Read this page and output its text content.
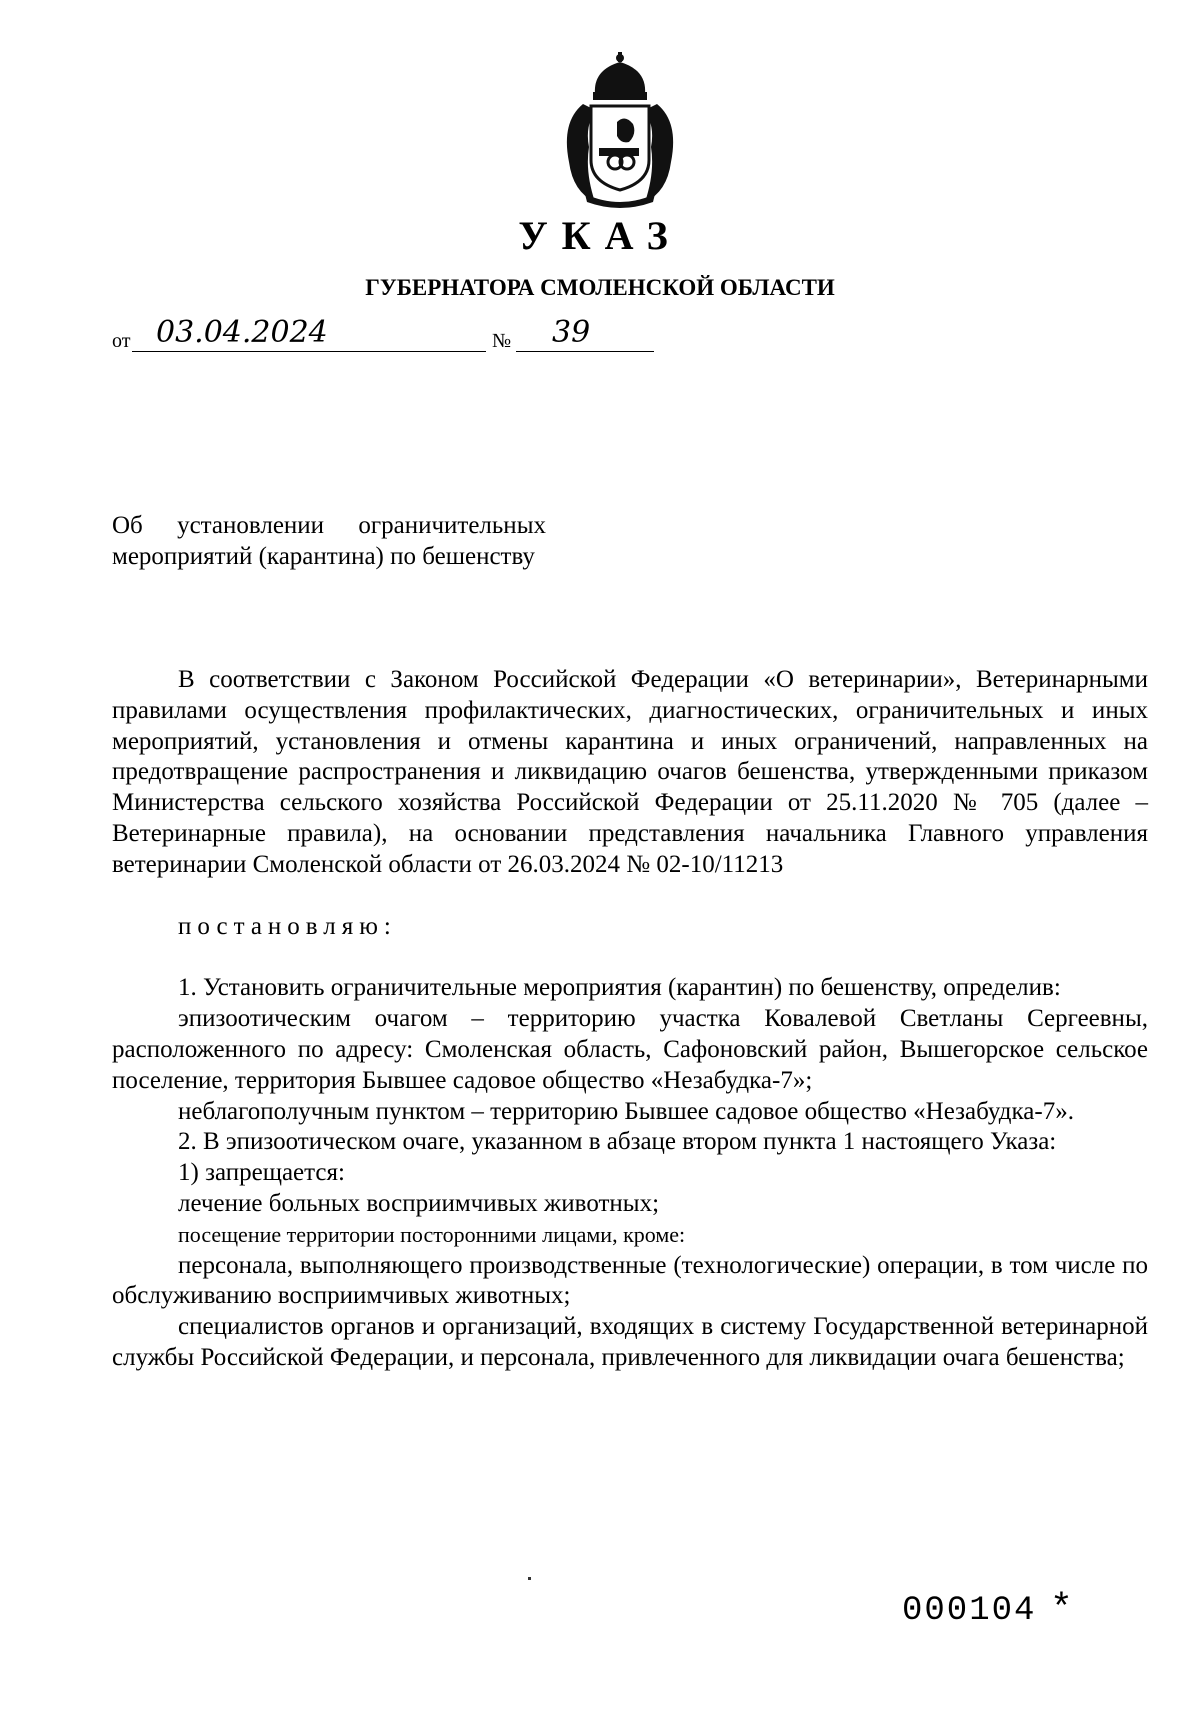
УКАЗ
ГУБЕРНАТОРА СМОЛЕНСКОЙ ОБЛАСТИ
от 03.04.2024	№	39
Об установлении ограничительных мероприятий (карантина) по бешенству

В соответствии с Законом Российской Федерации «О ветеринарии», Ветеринарными правилами осуществления профилактических, диагностических, ограничительных и иных мероприятий, установления и отмены карантина и иных ограничений, направленных на предотвращение распространения и ликвидацию очагов бешенства, утвержденными приказом Министерства сельского хозяйства Российской Федерации от 25.11.2020 № 705 (далее – Ветеринарные правила), на основании представления начальника Главного управления ветеринарии Смоленской области от 26.03.2024 № 02-10/11213

постановляю:

1. Установить ограничительные мероприятия (карантин) по бешенству, определив:

эпизоотическим очагом – территорию участка Ковалевой Светланы Сергеевны, расположенного по адресу: Смоленская область, Сафоновский район, Вышегорское сельское поселение, территория Бывшее садовое общество «Незабудка-7»;

неблагополучным пунктом – территорию Бывшее садовое общество «Незабудка-7».

2. В эпизоотическом очаге, указанном в абзаце втором пункта 1 настоящего Указа:

1) запрещается:

лечение больных восприимчивых животных;

посещение территории посторонними лицами, кроме:

персонала, выполняющего производственные (технологические) операции, в том числе по обслуживанию восприимчивых животных;

специалистов органов и организаций, входящих в систему Государственной ветеринарной службы Российской Федерации, и персонала, привлеченного для ликвидации очага бешенства;

000104 *
